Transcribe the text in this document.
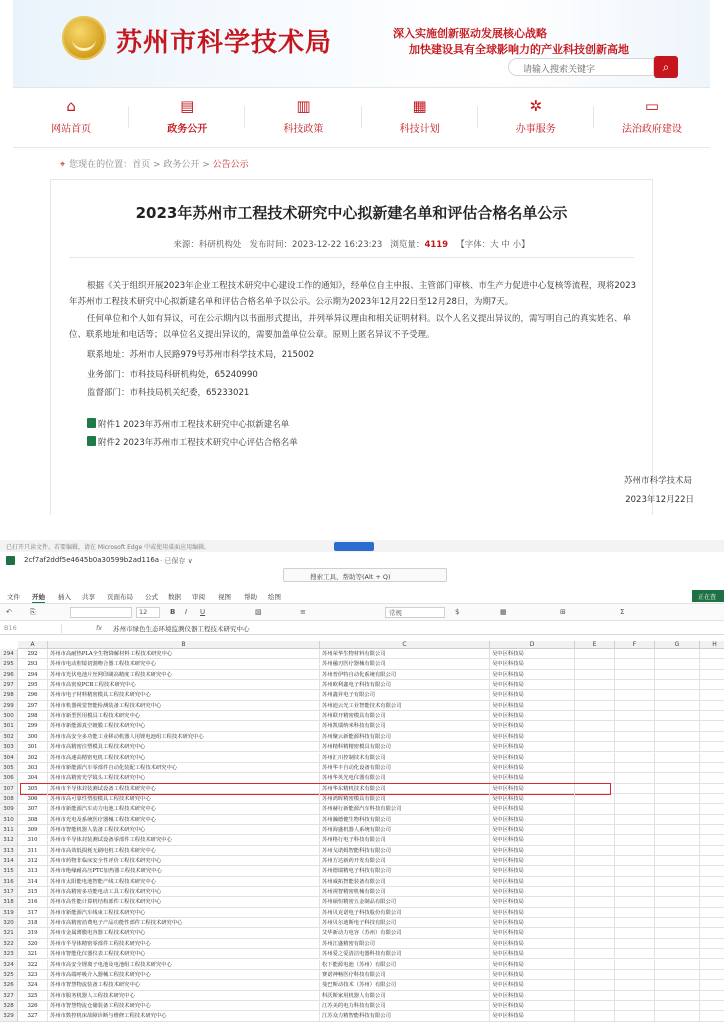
苏州市科学技术局	深入实施创新驱动发展核心战略
加快建设具有全球影响力的产业科技创新高地
请输入搜索关键字	⌕
⌂
网站首页
▤
政务公开
▥
科技政策
▦
科技计划
✲
办事服务
▭
法治政府建设
⌖ 您现在的位置：首页 > 政务公开 > 公告公示
2023年苏州市工程技术研究中心拟新建名单和评估合格名单公示
来源：科研机构处 发布时间：2023-12-22 16:23:23 浏览量：4119 【字体：大 中 小】
根据《关于组织开展2023年企业工程技术研究中心建设工作的通知》，经单位自主申报、主管部门审核、市生产力促进中心复核等流程，现将2023年苏州市工程技术研究中心拟新建名单和评估合格名单予以公示。公示期为2023年12月22日至12月28日，为期7天。
任何单位和个人如有异议，可在公示期内以书面形式提出，并列举异议理由和相关证明材料。以个人名义提出异议的，需写明自己的真实姓名、单位、联系地址和电话等；以单位名义提出异议的，需要加盖单位公章。原则上匿名异议不予受理。
联系地址：苏州市人民路979号苏州市科学技术局，215002
业务部门：市科技局科研机构处，65240990
监督部门：市科技局机关纪委，65233021
附件1 2023年苏州市工程技术研究中心拟新建名单
附件2 2023年苏州市工程技术研究中心评估合格名单
苏州市科学技术局
2023年12月22日
已打开只读文件。若要编辑，请在 Microsoft Edge 中或使用桌面应用编辑。
2cf7af2ddf5e4645b0a30599b2ad116a · 已保存 ∨
搜索工具、帮助等(Alt + Q)
文件 开始 插入 共享 页面布局 公式 数据 审阅 视图 帮助 绘图	正在查
↶	⎘	12	B I U	▨	≡	常规	$	▦	⊞	Σ
B16	fx 苏州市绿色生态环境监测仪器工程技术研究中心
A	B	C	D	E	F	G	H
294	292	苏州市高耐热PLA全生物降解材料工程技术研究中心	苏州荣华生物材料有限公司	吴中区科技局
295	293	苏州市电动腔镜切割吻合器工程技术研究中心	苏州融刃医疗器械有限公司	吴中区科技局
296	294	苏州市光伏电池片丝网印刷高精度工程技术研究中心	苏州普伊特自动化系统有限公司	吴中区科技局
297	295	苏州市高密度PCB工程技术研究中心	苏州欧利鑫电子科技有限公司	吴中区科技局
298	296	苏州市电子材料精密模具工程技术研究中心	苏州鑫昇电子有限公司	吴中区科技局
299	297	苏州市机器视觉智能检测装备工程技术研究中心	苏州迪云光工业智能技术有限公司	吴中区科技局
300	298	苏州市新型医用模具工程技术研究中心	苏州联开精密模具有限公司	吴中区科技局
301	299	苏州市新能源真空镀膜工程技术研究中心	苏州凯瑞纳米科技有限公司	吴中区科技局
302	300	苏州市高安全多功能工业移动机器人用锂电池组工程技术研究中心	苏州聚云新能源科技有限公司	吴中区科技局
303	301	苏州市高精密注塑模具工程技术研究中心	苏州精科精精密模具有限公司	吴中区科技局
304	302	苏州市高速高精密电机工程技术研究中心	苏州汇川控制技术有限公司	吴中区科技局
305	303	苏州市新能源汽车零部件自动化装配工程技术研究中心	苏州华丰自动化设备有限公司	吴中区科技局
306	304	苏州市高精密光学镜头工程技术研究中心	苏州华英光电仪器有限公司	吴中区科技局
307	305	苏州市半导体封装测试设备工程技术研究中心	苏州华东精机技术有限公司	吴中区科技局
308	306	苏州市高可靠性塑胶模具工程技术研究中心	苏州鸿晖精密模具有限公司	吴中区科技局
309	307	苏州市新能源汽车动力电池工程技术研究中心	苏州赫行新能源汽车科技有限公司	吴中区科技局
310	308	苏州市光电及系统医疗器械工程技术研究中心	苏州瀚德健生物科技有限公司	吴中区科技局
311	309	苏州市智能机器人装备工程技术研究中心	苏州海盛机器人系统有限公司	吴中区科技局
312	310	苏州市半导体封装测试设备零部件工程技术研究中心	苏州格行电子科技有限公司	吴中区科技局
313	311	苏州市高效低损耗无刷电机工程技术研究中心	苏州戈诺姆智能科技有限公司	吴中区科技局
314	312	苏州市药物非临床安全性评价工程技术研究中心	苏州方达新药开发有限公司	吴中区科技局
315	313	苏州市绝缘耐高压PTC加热器工程技术研究中心	苏州德瑞精电子科技有限公司	吴中区科技局
316	314	苏州市太阳能电池智能产线工程技术研究中心	苏州威拓智能装备有限公司	吴中区科技局
317	315	苏州市高精密多功能电动工具工程技术研究中心	苏州视智精密机械有限公司	吴中区科技局
318	316	苏州市高性能计算机结构部件工程技术研究中心	苏州硕恒精密五金制品有限公司	吴中区科技局
319	317	苏州市新能源汽车线束工程技术研究中心	苏州贝克诺电子科技股份有限公司	吴中区科技局
320	318	苏州市高精密消费电子产品功能性部件工程技术研究中心	苏州贝尔迪斯电子科技有限公司	吴中区科技局
321	319	苏州市金属薄膜电容器工程技术研究中心	艾华新动力电容（苏州）有限公司	吴中区科技局
322	320	苏州市半导体精密零部件工程技术研究中心	苏州江盛精密有限公司	吴中区科技局
323	321	苏州市智能化仪器仪表工程技术研究中心	苏州爱之爱清洁电器科技有限公司	吴中区科技局
324	322	苏州市高安全锂离子电池及电池组工程技术研究中心	松下能源电池（苏州）有限公司	吴中区科技局
325	323	苏州市高端呼吸介入器械工程技术研究中心	赛诺神畅医疗科技有限公司	吴中区科技局
326	324	苏州市智慧物流装备工程技术研究中心	曼巴斯动技术（苏州）有限公司	吴中区科技局
327	325	苏州市服务机器人工程技术研究中心	科沃斯家用机器人有限公司	吴中区科技局
328	326	苏州市智慧物流仓储装备工程技术研究中心	江苏美的电力科技有限公司	吴中区科技局
329	327	苏州市数控机床故障诊断与维修工程技术研究中心	江苏众力精智能科技有限公司	吴中区科技局
